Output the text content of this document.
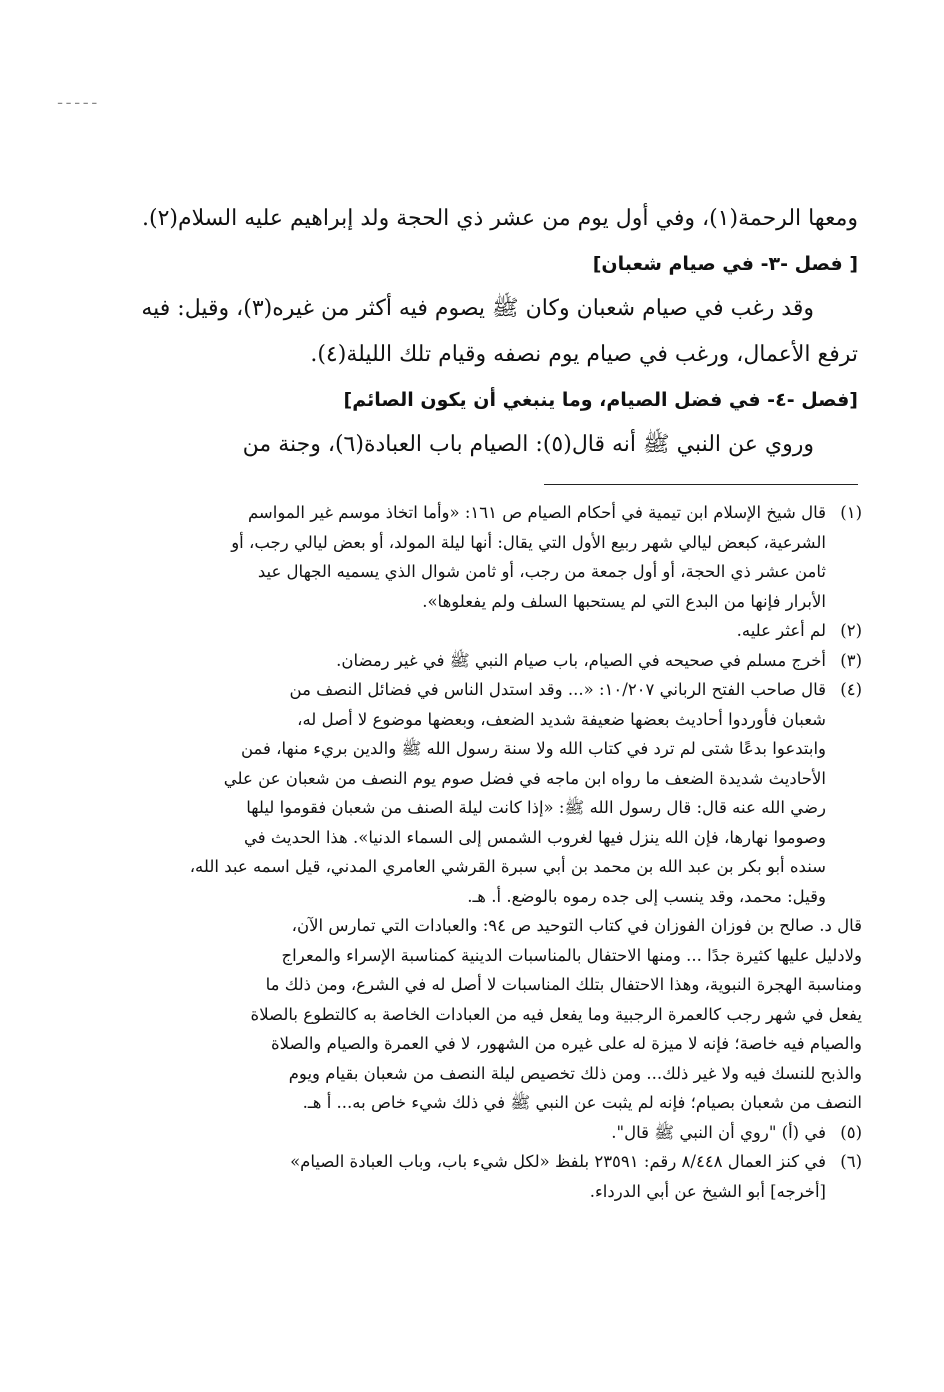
ـ ـ ـ ـ ـ
ومعها الرحمة(١)، وفي أول يوم من عشر ذي الحجة ولد إبراهيم عليه السلام(٢).
[ فصل -٣- في صيام شعبان]
وقد رغب في صيام شعبان وكان ﷺ يصوم فيه أكثر من غيره(٣)، وقيل: فيه
ترفع الأعمال، ورغب في صيام يوم نصفه وقيام تلك الليلة(٤).
[فصل -٤- في فضل الصيام، وما ينبغي أن يكون الصائم]
وروي عن النبي ﷺ أنه قال(٥): الصيام باب العبادة(٦)، وجنة من
(١)قال شيخ الإسلام ابن تيمية في أحكام الصيام ص ١٦١: «وأما اتخاذ موسم غير المواسم
الشرعية، كبعض ليالي شهر ربيع الأول التي يقال: أنها ليلة المولد، أو بعض ليالي رجب، أو
ثامن عشر ذي الحجة، أو أول جمعة من رجب، أو ثامن شوال الذي يسميه الجهال عيد
الأبرار فإنها من البدع التي لم يستحبها السلف ولم يفعلوها».
(٢)لم أعثر عليه.
(٣)أخرج مسلم في صحيحه في الصيام، باب صيام النبي ﷺ في غير رمضان.
(٤)قال صاحب الفتح الرباني ١٠/٢٠٧: «... وقد استدل الناس في فضائل النصف من
شعبان فأوردوا أحاديث بعضها ضعيفة شديد الضعف، وبعضها موضوع لا أصل له،
وابتدعوا بدعًا شتى لم ترد في كتاب الله ولا سنة رسول الله ﷺ والدين بريء منها، فمن
الأحاديث شديدة الضعف ما رواه ابن ماجه في فضل صوم يوم النصف من شعبان عن علي
رضي الله عنه قال: قال رسول الله ﷺ: «إذا كانت ليلة الصنف من شعبان فقوموا ليلها
وصوموا نهارها، فإن الله ينزل فيها لغروب الشمس إلى السماء الدنيا». هذا الحديث في
سنده أبو بكر بن عبد الله بن محمد بن أبي سبرة القرشي العامري المدني، قيل اسمه عبد الله،
وقيل: محمد، وقد ينسب إلى جده رموه بالوضع. أ. هـ.
قال د. صالح بن فوزان الفوزان في كتاب التوحيد ص ٩٤: والعبادات التي تمارس الآن،
ولادليل عليها كثيرة جدًا ... ومنها الاحتفال بالمناسبات الدينية كمناسبة الإسراء والمعراج
ومناسبة الهجرة النبوية، وهذا الاحتفال بتلك المناسبات لا أصل له في الشرع، ومن ذلك ما
يفعل في شهر رجب كالعمرة الرجبية وما يفعل فيه من العبادات الخاصة به كالتطوع بالصلاة
والصيام فيه خاصة؛ فإنه لا ميزة له على غيره من الشهور، لا في العمرة والصيام والصلاة
والذبح للنسك فيه ولا غير ذلك... ومن ذلك تخصيص ليلة النصف من شعبان بقيام ويوم
النصف من شعبان بصيام؛ فإنه لم يثبت عن النبي ﷺ في ذلك شيء خاص به... أ هـ.
(٥)في (أ) "روي أن النبي ﷺ قال".
(٦)في كنز العمال ٨/٤٤٨ رقم: ٢٣٥٩١ بلفظ «لكل شيء باب، وباب العبادة الصيام»
[أخرجه] أبو الشيخ عن أبي الدرداء.
